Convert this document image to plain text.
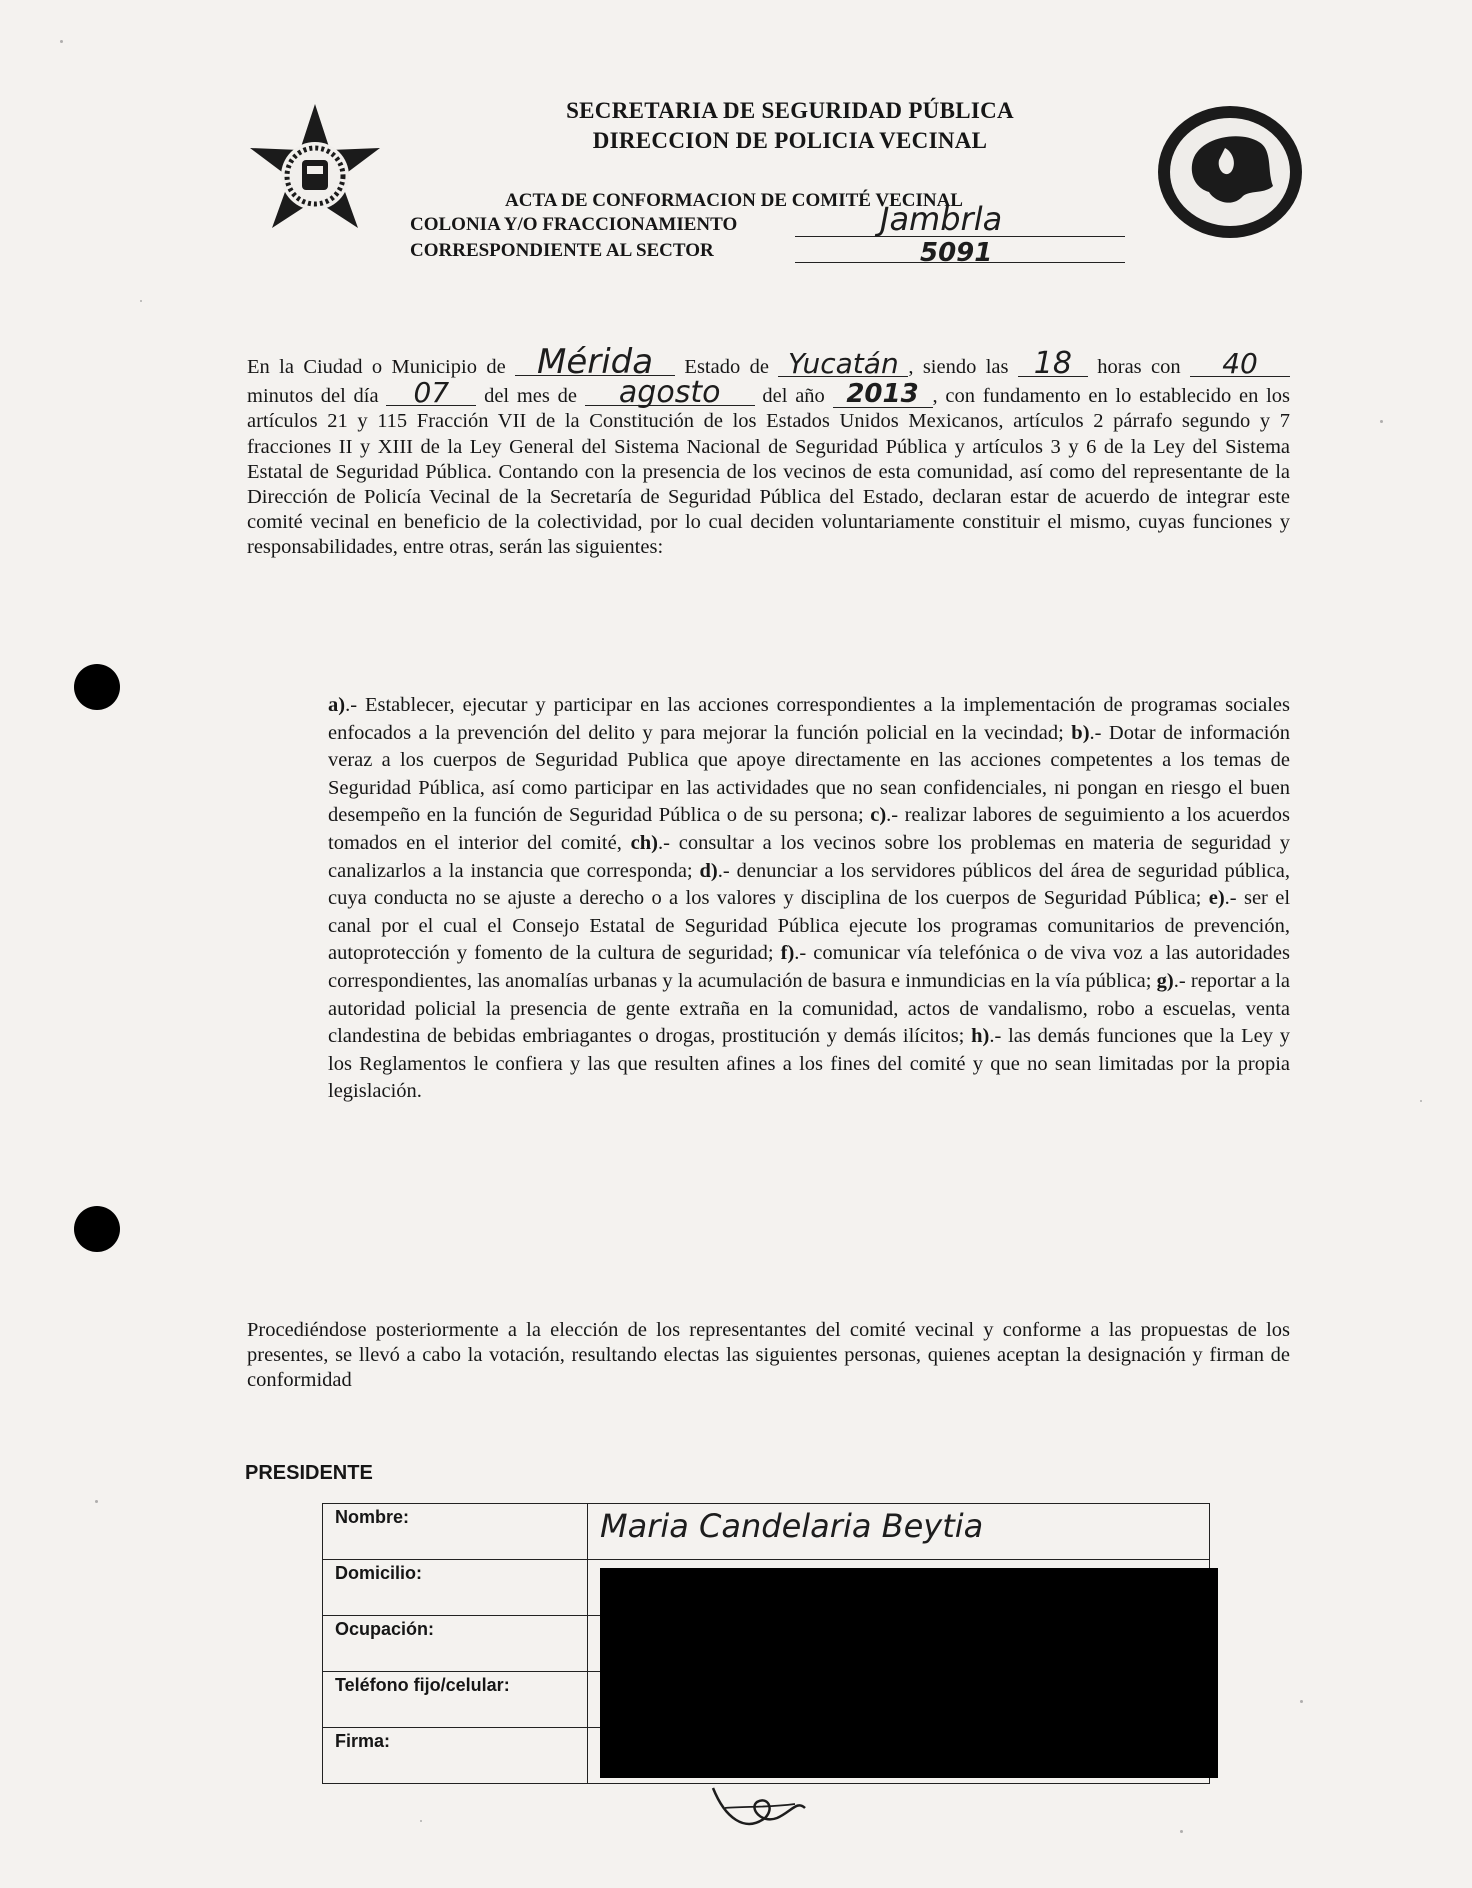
SECRETARIA DE SEGURIDAD PÚBLICA
DIRECCION DE POLICIA VECINAL
ACTA DE CONFORMACION DE COMITÉ VECINAL
COLONIA Y/O FRACCIONAMIENTO	Jambrla
CORRESPONDIENTE AL SECTOR	5091
En la Ciudad o Municipio de Mérida Estado de Yucatán , siendo las 18 horas con 40 minutos del día 07 del mes de agosto del año 2013 , con fundamento en lo establecido en los artículos 21 y 115 Fracción VII de la Constitución de los Estados Unidos Mexicanos, artículos 2 párrafo segundo y 7 fracciones II y XIII de la Ley General del Sistema Nacional de Seguridad Pública y artículos 3 y 6 de la Ley del Sistema Estatal de Seguridad Pública. Contando con la presencia de los vecinos de esta comunidad, así como del representante de la Dirección de Policía Vecinal de la Secretaría de Seguridad Pública del Estado, declaran estar de acuerdo de integrar este comité vecinal en beneficio de la colectividad, por lo cual deciden voluntariamente constituir el mismo, cuyas funciones y responsabilidades, entre otras, serán las siguientes:
a).- Establecer, ejecutar y participar en las acciones correspondientes a la implementación de programas sociales enfocados a la prevención del delito y para mejorar la función policial en la vecindad; b).- Dotar de información veraz a los cuerpos de Seguridad Publica que apoye directamente en las acciones competentes a los temas de Seguridad Pública, así como participar en las actividades que no sean confidenciales, ni pongan en riesgo el buen desempeño en la función de Seguridad Pública o de su persona; c).- realizar labores de seguimiento a los acuerdos tomados en el interior del comité, ch).- consultar a los vecinos sobre los problemas en materia de seguridad y canalizarlos a la instancia que corresponda; d).- denunciar a los servidores públicos del área de seguridad pública, cuya conducta no se ajuste a derecho o a los valores y disciplina de los cuerpos de Seguridad Pública; e).- ser el canal por el cual el Consejo Estatal de Seguridad Pública ejecute los programas comunitarios de prevención, autoprotección y fomento de la cultura de seguridad; f).- comunicar vía telefónica o de viva voz a las autoridades correspondientes, las anomalías urbanas y la acumulación de basura e inmundicias en la vía pública; g).- reportar a la autoridad policial la presencia de gente extraña en la comunidad, actos de vandalismo, robo a escuelas, venta clandestina de bebidas embriagantes o drogas, prostitución y demás ilícitos; h).- las demás funciones que la Ley y los Reglamentos le confiera y las que resulten afines a los fines del comité y que no sean limitadas por la propia legislación.
Procediéndose posteriormente a la elección de los representantes del comité vecinal y conforme a las propuestas de los presentes, se llevó a cabo la votación, resultando electas las siguientes personas, quienes aceptan la designación y firman de conformidad
PRESIDENTE
Nombre:	Maria Candelaria Beytia
Domicilio:	
Ocupación:	
Teléfono fijo/celular:	
Firma:	
